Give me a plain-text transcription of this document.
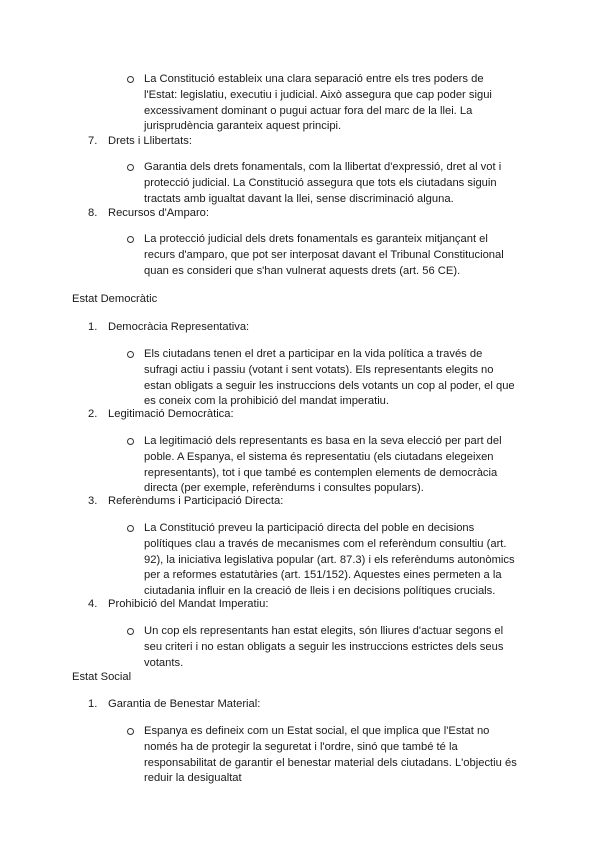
La Constitució estableix una clara separació entre els tres poders de l'Estat: legislatiu, executiu i judicial. Això assegura que cap poder sigui excessivament dominant o pugui actuar fora del marc de la llei. La jurisprudència garanteix aquest principi.
7. Drets i Llibertats:
Garantia dels drets fonamentals, com la llibertat d'expressió, dret al vot i protecció judicial. La Constitució assegura que tots els ciutadans siguin tractats amb igualtat davant la llei, sense discriminació alguna.
8. Recursos d'Amparo:
La protecció judicial dels drets fonamentals es garanteix mitjançant el recurs d'amparo, que pot ser interposat davant el Tribunal Constitucional quan es consideri que s'han vulnerat aquests drets (art. 56 CE).
Estat Democràtic
1. Democràcia Representativa:
Els ciutadans tenen el dret a participar en la vida política a través de sufragi actiu i passiu (votant i sent votats). Els representants elegits no estan obligats a seguir les instruccions dels votants un cop al poder, el que es coneix com la prohibició del mandat imperatiu.
2. Legitimació Democràtica:
La legitimació dels representants es basa en la seva elecció per part del poble. A Espanya, el sistema és representatiu (els ciutadans elegeixen representants), tot i que també es contemplen elements de democràcia directa (per exemple, referèndums i consultes populars).
3. Referèndums i Participació Directa:
La Constitució preveu la participació directa del poble en decisions polítiques clau a través de mecanismes com el referèndum consultiu (art. 92), la iniciativa legislativa popular (art. 87.3) i els referèndums autonòmics per a reformes estatutàries (art. 151/152). Aquestes eines permeten a la ciutadania influir en la creació de lleis i en decisions polítiques crucials.
4. Prohibició del Mandat Imperatiu:
Un cop els representants han estat elegits, són lliures d'actuar segons el seu criteri i no estan obligats a seguir les instruccions estrictes dels seus votants.
Estat Social
1. Garantia de Benestar Material:
Espanya es defineix com un Estat social, el que implica que l'Estat no només ha de protegir la seguretat i l'ordre, sinó que també té la responsabilitat de garantir el benestar material dels ciutadans. L'objectiu és reduir la desigualtat
